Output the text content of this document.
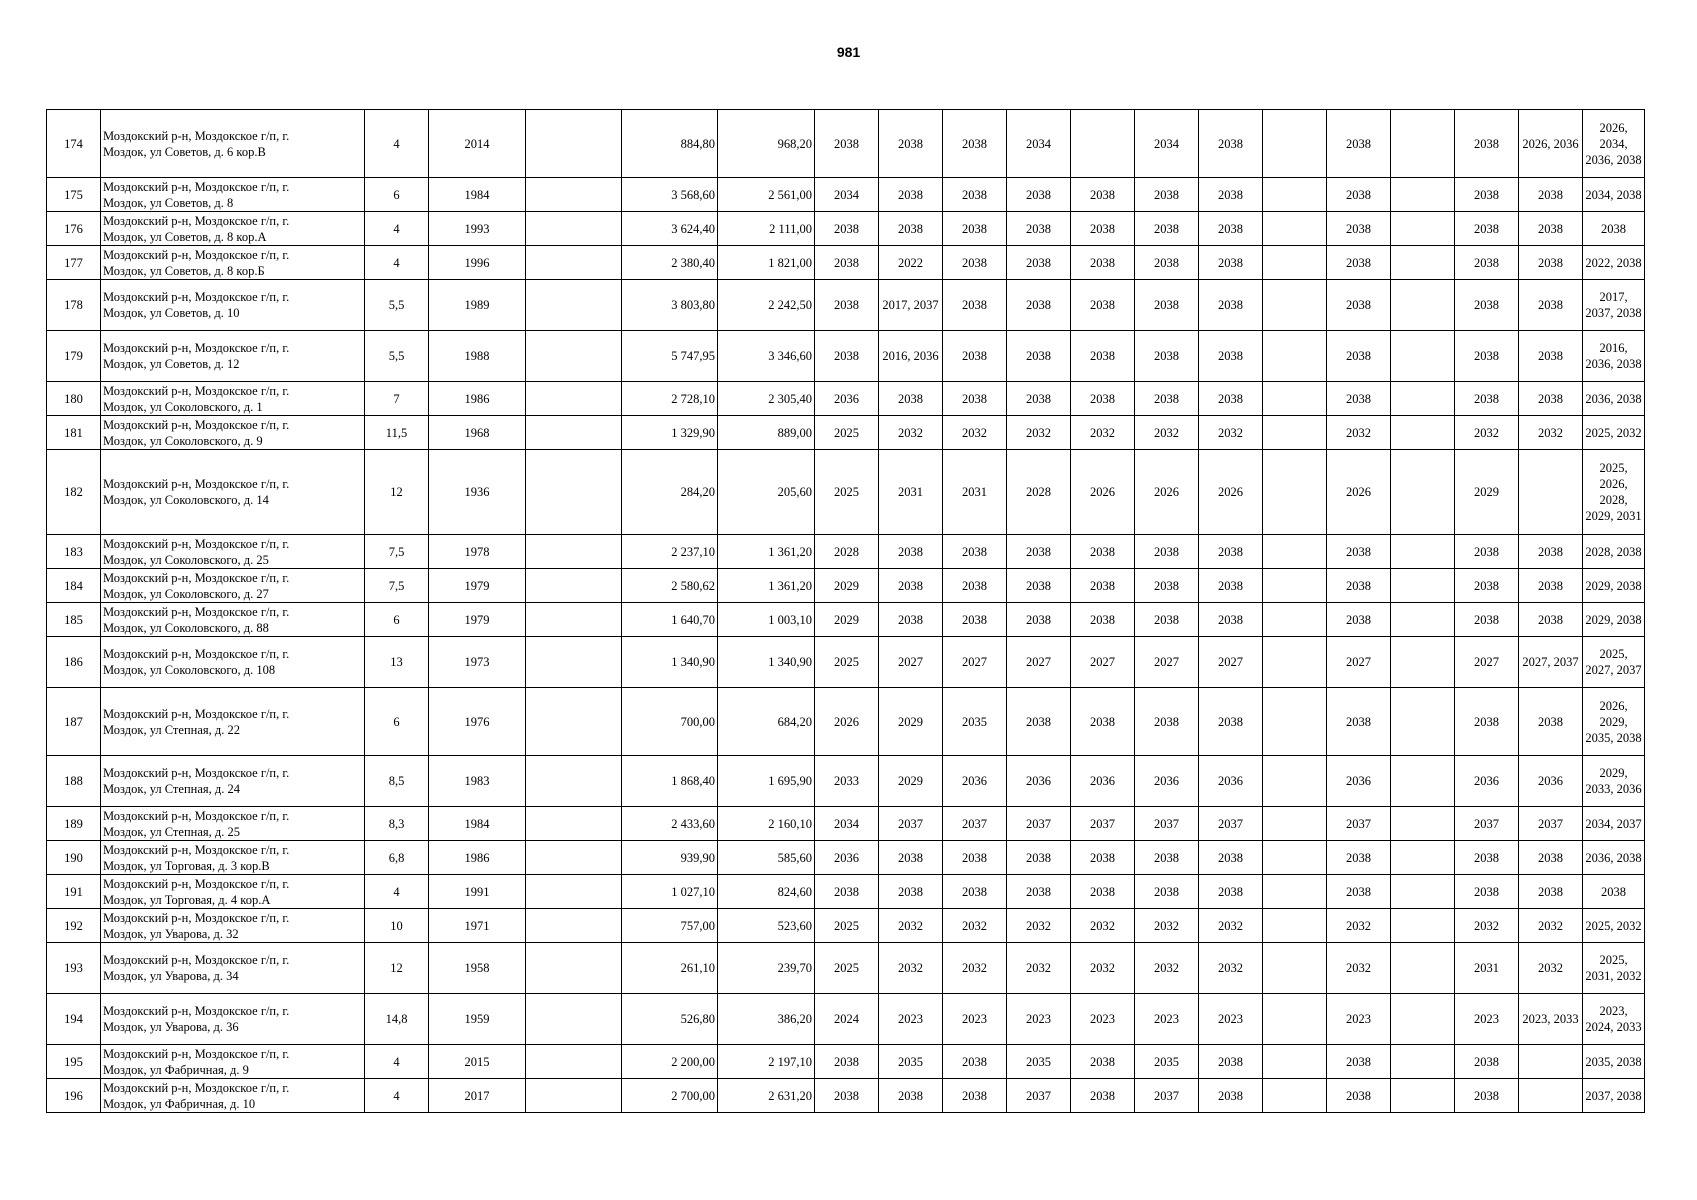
981
174	Моздокский р-н, Моздокское г/п, г.
Моздок, ул Советов, д. 6 кор.В	4	2014		884,80	968,20	2038	2038	2038	2034		2034	2038		2038		2038	2026, 2036	2026, 2034, 2036, 2038
175	Моздокский р-н, Моздокское г/п, г.
Моздок, ул Советов, д. 8	6	1984		3 568,60	2 561,00	2034	2038	2038	2038	2038	2038	2038		2038		2038	2038	2034, 2038
176	Моздокский р-н, Моздокское г/п, г.
Моздок, ул Советов, д. 8 кор.А	4	1993		3 624,40	2 111,00	2038	2038	2038	2038	2038	2038	2038		2038		2038	2038	2038
177	Моздокский р-н, Моздокское г/п, г.
Моздок, ул Советов, д. 8 кор.Б	4	1996		2 380,40	1 821,00	2038	2022	2038	2038	2038	2038	2038		2038		2038	2038	2022, 2038
178	Моздокский р-н, Моздокское г/п, г.
Моздок, ул Советов, д. 10	5,5	1989		3 803,80	2 242,50	2038	2017, 2037	2038	2038	2038	2038	2038		2038		2038	2038	2017, 2037, 2038
179	Моздокский р-н, Моздокское г/п, г.
Моздок, ул Советов, д. 12	5,5	1988		5 747,95	3 346,60	2038	2016, 2036	2038	2038	2038	2038	2038		2038		2038	2038	2016, 2036, 2038
180	Моздокский р-н, Моздокское г/п, г.
Моздок, ул Соколовского, д. 1	7	1986		2 728,10	2 305,40	2036	2038	2038	2038	2038	2038	2038		2038		2038	2038	2036, 2038
181	Моздокский р-н, Моздокское г/п, г.
Моздок, ул Соколовского, д. 9	11,5	1968		1 329,90	889,00	2025	2032	2032	2032	2032	2032	2032		2032		2032	2032	2025, 2032
182	Моздокский р-н, Моздокское г/п, г.
Моздок, ул Соколовского, д. 14	12	1936		284,20	205,60	2025	2031	2031	2028	2026	2026	2026		2026		2029		2025, 2026, 2028, 2029, 2031
183	Моздокский р-н, Моздокское г/п, г.
Моздок, ул Соколовского, д. 25	7,5	1978		2 237,10	1 361,20	2028	2038	2038	2038	2038	2038	2038		2038		2038	2038	2028, 2038
184	Моздокский р-н, Моздокское г/п, г.
Моздок, ул Соколовского, д. 27	7,5	1979		2 580,62	1 361,20	2029	2038	2038	2038	2038	2038	2038		2038		2038	2038	2029, 2038
185	Моздокский р-н, Моздокское г/п, г.
Моздок, ул Соколовского, д. 88	6	1979		1 640,70	1 003,10	2029	2038	2038	2038	2038	2038	2038		2038		2038	2038	2029, 2038
186	Моздокский р-н, Моздокское г/п, г.
Моздок, ул Соколовского, д. 108	13	1973		1 340,90	1 340,90	2025	2027	2027	2027	2027	2027	2027		2027		2027	2027, 2037	2025, 2027, 2037
187	Моздокский р-н, Моздокское г/п, г.
Моздок, ул Степная, д. 22	6	1976		700,00	684,20	2026	2029	2035	2038	2038	2038	2038		2038		2038	2038	2026, 2029, 2035, 2038
188	Моздокский р-н, Моздокское г/п, г.
Моздок, ул Степная, д. 24	8,5	1983		1 868,40	1 695,90	2033	2029	2036	2036	2036	2036	2036		2036		2036	2036	2029, 2033, 2036
189	Моздокский р-н, Моздокское г/п, г.
Моздок, ул Степная, д. 25	8,3	1984		2 433,60	2 160,10	2034	2037	2037	2037	2037	2037	2037		2037		2037	2037	2034, 2037
190	Моздокский р-н, Моздокское г/п, г.
Моздок, ул Торговая, д. 3 кор.В	6,8	1986		939,90	585,60	2036	2038	2038	2038	2038	2038	2038		2038		2038	2038	2036, 2038
191	Моздокский р-н, Моздокское г/п, г.
Моздок, ул Торговая, д. 4 кор.А	4	1991		1 027,10	824,60	2038	2038	2038	2038	2038	2038	2038		2038		2038	2038	2038
192	Моздокский р-н, Моздокское г/п, г.
Моздок, ул Уварова, д. 32	10	1971		757,00	523,60	2025	2032	2032	2032	2032	2032	2032		2032		2032	2032	2025, 2032
193	Моздокский р-н, Моздокское г/п, г.
Моздок, ул Уварова, д. 34	12	1958		261,10	239,70	2025	2032	2032	2032	2032	2032	2032		2032		2031	2032	2025, 2031, 2032
194	Моздокский р-н, Моздокское г/п, г.
Моздок, ул Уварова, д. 36	14,8	1959		526,80	386,20	2024	2023	2023	2023	2023	2023	2023		2023		2023	2023, 2033	2023, 2024, 2033
195	Моздокский р-н, Моздокское г/п, г.
Моздок, ул Фабричная, д. 9	4	2015		2 200,00	2 197,10	2038	2035	2038	2035	2038	2035	2038		2038		2038		2035, 2038
196	Моздокский р-н, Моздокское г/п, г.
Моздок, ул Фабричная, д. 10	4	2017		2 700,00	2 631,20	2038	2038	2038	2037	2038	2037	2038		2038		2038		2037, 2038
